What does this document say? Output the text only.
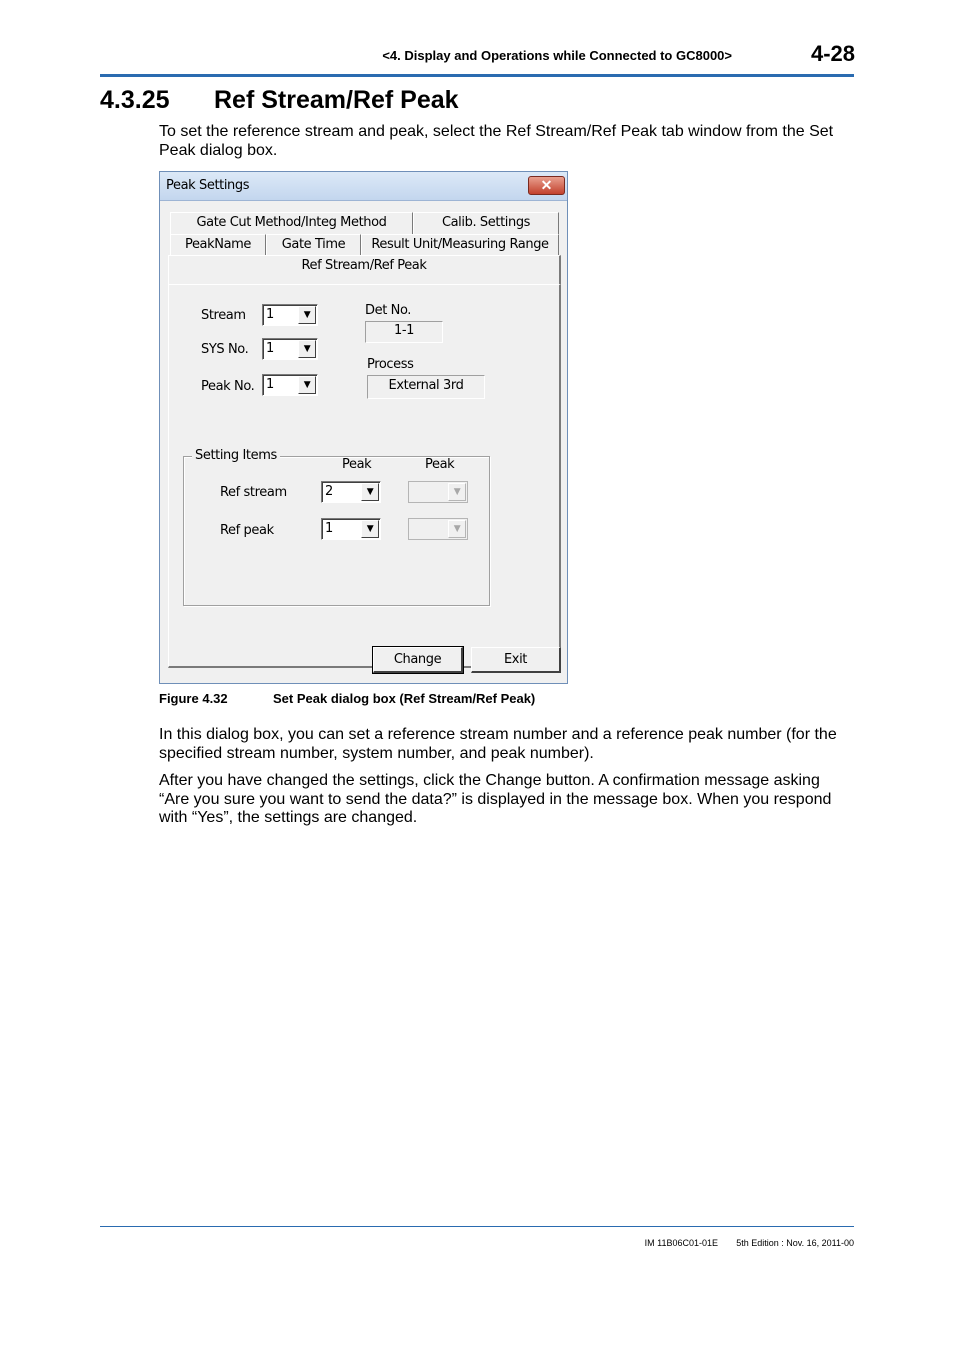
<4. Display and Operations while Connected to GC8000>	4-28
4.3.25 Ref Stream/Ref Peak
To set the reference stream and peak, select the Ref Stream/Ref Peak tab window from the Set Peak dialog box.
Peak Settings	✕
Gate Cut Method/Integ Method	Calib. Settings
PeakName	Gate Time	Result Unit/Measuring Range
Ref Stream/Ref Peak
Stream 1	▼
SYS No. 1	▼
Peak No. 1	▼
Det No.
1-1
Process
External 3rd
Setting Items
Peak	Peak
Ref stream	2	▼	▼
Ref peak	1	▼	▼
Change	Exit
Figure 4.32	Set Peak dialog box (Ref Stream/Ref Peak)
In this dialog box, you can set a reference stream number and a reference peak number (for the specified stream number, system number, and peak number).
After you have changed the settings, click the Change button. A confirmation message asking “Are you sure you want to send the data?” is displayed in the message box. When you respond with “Yes”, the settings are changed.
IM 11B06C01-01E	5th Edition : Nov. 16, 2011-00
